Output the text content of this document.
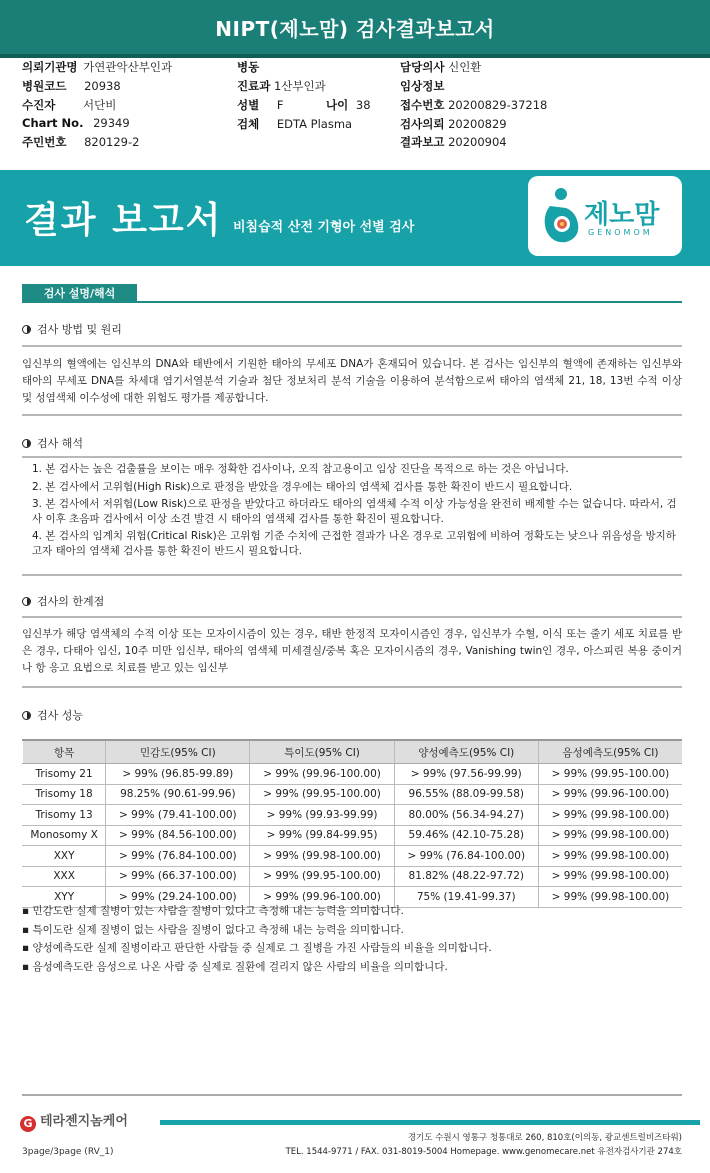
NIPT(제노맘) 검사결과보고서
의뢰기관명 가연관악산부인과	병동	담당의사 신인환
병원코드 20938	진료과 1산부인과	임상정보
수진자 서단비	성별 F	나이 38	접수번호 20200829-37218
Chart No. 29349	검체 EDTA Plasma	검사의뢰 20200829
주민번호 820129-2	결과보고 20200904
결과 보고서 비침습적 산전 기형아 선별 검사	제노맘
GENOMOM
검사 설명/해석
검사 방법 및 원리
임신부의 혈액에는 임신부의 DNA와 태반에서 기원한 태아의 무세포 DNA가 혼재되어 있습니다. 본 검사는 임신부의 혈액에 존재하는 임신부와 태아의 무세포 DNA를 차세대 염기서열분석 기술과 첨단 정보처리 분석 기술을 이용하여 분석함으로써 태아의 염색체 21, 18, 13번 수적 이상 및 성염색체 이수성에 대한 위험도 평가를 제공합니다.
검사 해석
1. 본 검사는 높은 검출률을 보이는 매우 정확한 검사이나, 오직 참고용이고 임상 진단을 목적으로 하는 것은 아닙니다.
2. 본 검사에서 고위험(High Risk)으로 판정을 받았을 경우에는 태아의 염색체 검사를 통한 확진이 반드시 필요합니다.
3. 본 검사에서 저위험(Low Risk)으로 판정을 받았다고 하더라도 태아의 염색체 수적 이상 가능성을 완전히 배제할 수는 없습니다. 따라서, 검사 이후 초음파 검사에서 이상 소견 발견 시 태아의 염색체 검사를 통한 확진이 필요합니다.
4. 본 검사의 임계치 위험(Critical Risk)은 고위험 기준 수치에 근접한 결과가 나온 경우로 고위험에 비하여 정확도는 낮으나 위음성을 방지하고자 태아의 염색체 검사를 통한 확진이 반드시 필요합니다.
검사의 한계점
임신부가 해당 염색체의 수적 이상 또는 모자이시즘이 있는 경우, 태반 한정적 모자이시즘인 경우, 임신부가 수혈, 이식 또는 줄기 세포 치료를 받은 경우, 다태아 임신, 10주 미만 임신부, 태아의 염색체 미세결실/중복 혹은 모자이시즘의 경우, Vanishing twin인 경우, 아스피린 복용 중이거나 항 응고 요법으로 치료를 받고 있는 임신부
검사 성능
항목	민감도(95% CI)	특이도(95% CI)	양성예측도(95% CI)	음성예측도(95% CI)
Trisomy 21	> 99% (96.85-99.89)	> 99% (99.96-100.00)	> 99% (97.56-99.99)	> 99% (99.95-100.00)
Trisomy 18	98.25% (90.61-99.96)	> 99% (99.95-100.00)	96.55% (88.09-99.58)	> 99% (99.96-100.00)
Trisomy 13	> 99% (79.41-100.00)	> 99% (99.93-99.99)	80.00% (56.34-94.27)	> 99% (99.98-100.00)
Monosomy X	> 99% (84.56-100.00)	> 99% (99.84-99.95)	59.46% (42.10-75.28)	> 99% (99.98-100.00)
XXY	> 99% (76.84-100.00)	> 99% (99.98-100.00)	> 99% (76.84-100.00)	> 99% (99.98-100.00)
XXX	> 99% (66.37-100.00)	> 99% (99.95-100.00)	81.82% (48.22-97.72)	> 99% (99.98-100.00)
XYY	> 99% (29.24-100.00)	> 99% (99.96-100.00)	75% (19.41-99.37)	> 99% (99.98-100.00)
▪ 민감도란 실제 질병이 있는 사람을 질병이 있다고 측정해 내는 능력을 의미합니다.
▪ 특이도란 실제 질병이 없는 사람을 질병이 없다고 측정해 내는 능력을 의미합니다.
▪ 양성예측도란 실제 질병이라고 판단한 사람들 중 실제로 그 질병을 가진 사람들의 비율을 의미합니다.
▪ 음성예측도란 음성으로 나온 사람 중 실제로 질환에 걸리지 않은 사람의 비율을 의미합니다.
G 테라젠지놈케어
경기도 수원시 영통구 청통대로 260, 810호(이의동, 광교센트럴비즈타워)
TEL. 1544-9771 / FAX. 031-8019-5004 Homepage. www.genomecare.net 유전자검사기관 274호
3page/3page (RV_1)
